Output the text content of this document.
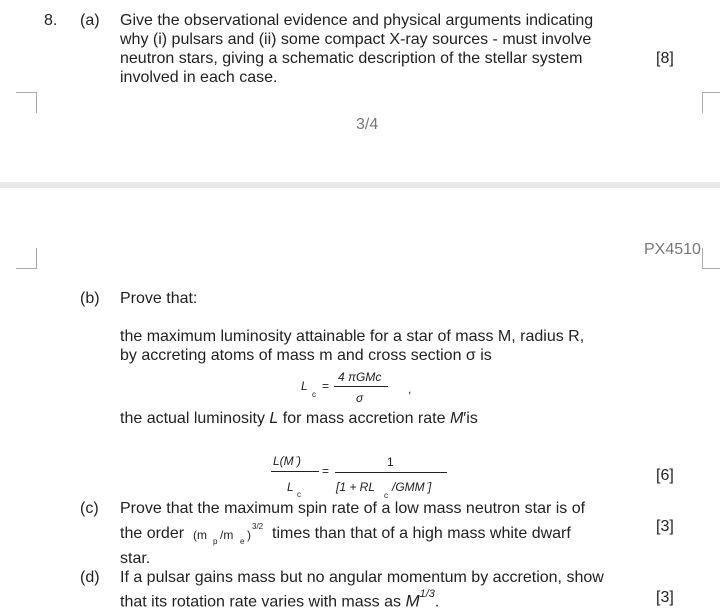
8. (a) Give the observational evidence and physical arguments indicating
why (i) pulsars and (ii) some compact X-ray sources - must involve
neutron stars, giving a schematic description of the stellar system
involved in each case.
[8]
3/4
PX4510
(b) Prove that:
the maximum luminosity attainable for a star of mass M, radius R,
by accreting atoms of mass m and cross section σ is
L
c
=
4 πGMc
σ
,
the actual luminosity L for mass accretion rate M′is
L(M ̇)
L
c
=
1
[1 + RL
c
/GMM ̇]
[6]
(c) Prove that the maximum spin rate of a low mass neutron star is of
the order (m p /m e )
3/2 times than that of a high mass white dwarf
star.
[3]
(d) If a pulsar gains mass but no angular momentum by accretion, show
that its rotation rate varies with mass as $M^{1/3}$.	[3]
